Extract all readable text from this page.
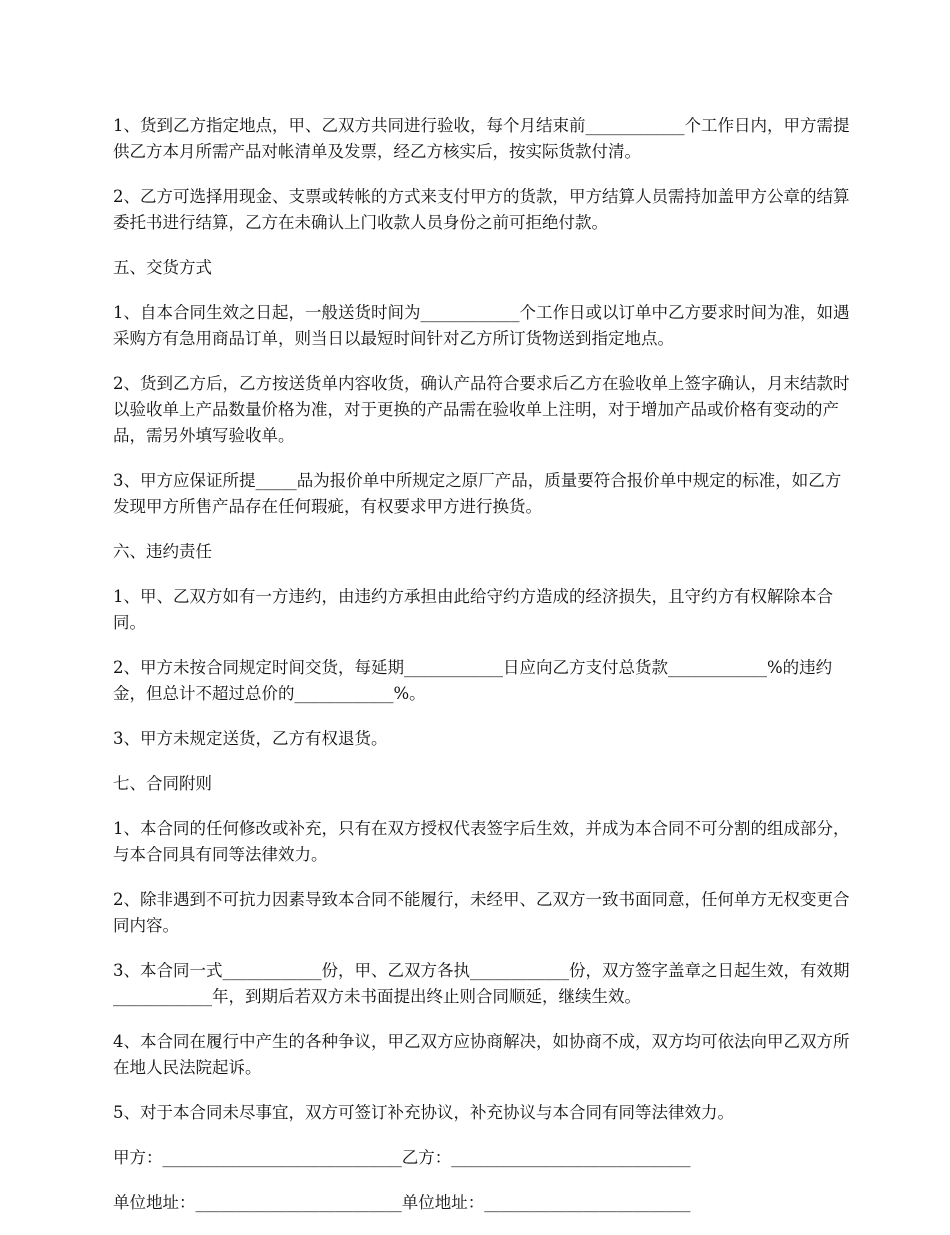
1、货到乙方指定地点，甲、乙双方共同进行验收，每个月结束前____________个工作日内，甲方需提供乙方本月所需产品对帐清单及发票，经乙方核实后，按实际货款付清。

2、乙方可选择用现金、支票或转帐的方式来支付甲方的货款，甲方结算人员需持加盖甲方公章的结算委托书进行结算，乙方在未确认上门收款人员身份之前可拒绝付款。

五、交货方式

1、自本合同生效之日起，一般送货时间为____________个工作日或以订单中乙方要求时间为准，如遇采购方有急用商品订单，则当日以最短时间针对乙方所订货物送到指定地点。

2、货到乙方后，乙方按送货单内容收货，确认产品符合要求后乙方在验收单上签字确认，月末结款时以验收单上产品数量价格为准，对于更换的产品需在验收单上注明，对于增加产品或价格有变动的产品，需另外填写验收单。

3、甲方应保证所提_____品为报价单中所规定之原厂产品，质量要符合报价单中规定的标准，如乙方发现甲方所售产品存在任何瑕疵，有权要求甲方进行换货。

六、违约责任

1、甲、乙双方如有一方违约，由违约方承担由此给守约方造成的经济损失，且守约方有权解除本合同。

2、甲方未按合同规定时间交货，每延期____________日应向乙方支付总货款____________%的违约金，但总计不超过总价的____________%。

3、甲方未规定送货，乙方有权退货。

七、合同附则

1、本合同的任何修改或补充，只有在双方授权代表签字后生效，并成为本合同不可分割的组成部分，与本合同具有同等法律效力。

2、除非遇到不可抗力因素导致本合同不能履行，未经甲、乙双方一致书面同意，任何单方无权变更合同内容。

3、本合同一式____________份，甲、乙双方各执____________份，双方签字盖章之日起生效，有效期____________年，到期后若双方未书面提出终止则合同顺延，继续生效。

4、本合同在履行中产生的各种争议，甲乙双方应协商解决，如协商不成，双方均可依法向甲乙双方所在地人民法院起诉。

5、对于本合同未尽事宜，双方可签订补充协议，补充协议与本合同有同等法律效力。

甲方：_____________________________乙方：_____________________________

单位地址：_________________________单位地址：_________________________
